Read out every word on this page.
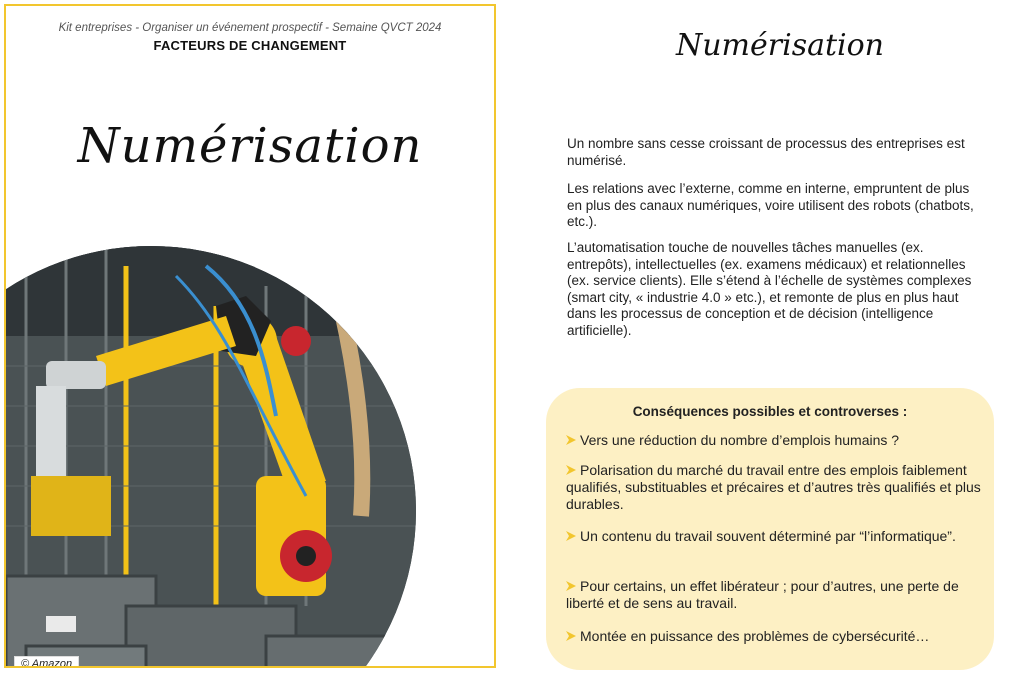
Kit entreprises - Organiser un événement prospectif - Semaine QVCT 2024
FACTEURS DE CHANGEMENT
Numérisation
© Amazon
Numérisation

Un nombre sans cesse croissant de processus des entreprises est numérisé.

Les relations avec l’externe, comme en interne, empruntent de plus en plus des canaux numériques, voire utilisent des robots (chatbots, etc.).

L’automatisation touche de nouvelles tâches manuelles (ex. entrepôts), intellectuelles (ex. examens médicaux) et relationnelles (ex. service clients). Elle s’étend à l’échelle de systèmes complexes (smart city, « industrie 4.0 » etc.), et remonte de plus en plus haut dans les processus de conception et de décision (intelligence artificielle).

Conséquences possibles et controverses :
Vers une réduction du nombre d’emplois humains ?
Polarisation du marché du travail entre des emplois faiblement qualifiés, substituables et précaires et d’autres très qualifiés et plus durables.
Un contenu du travail souvent déterminé par “l’informatique”.
Pour certains, un effet libérateur ; pour d’autres, une perte de liberté et de sens au travail.
Montée en puissance des problèmes de cybersécurité…
